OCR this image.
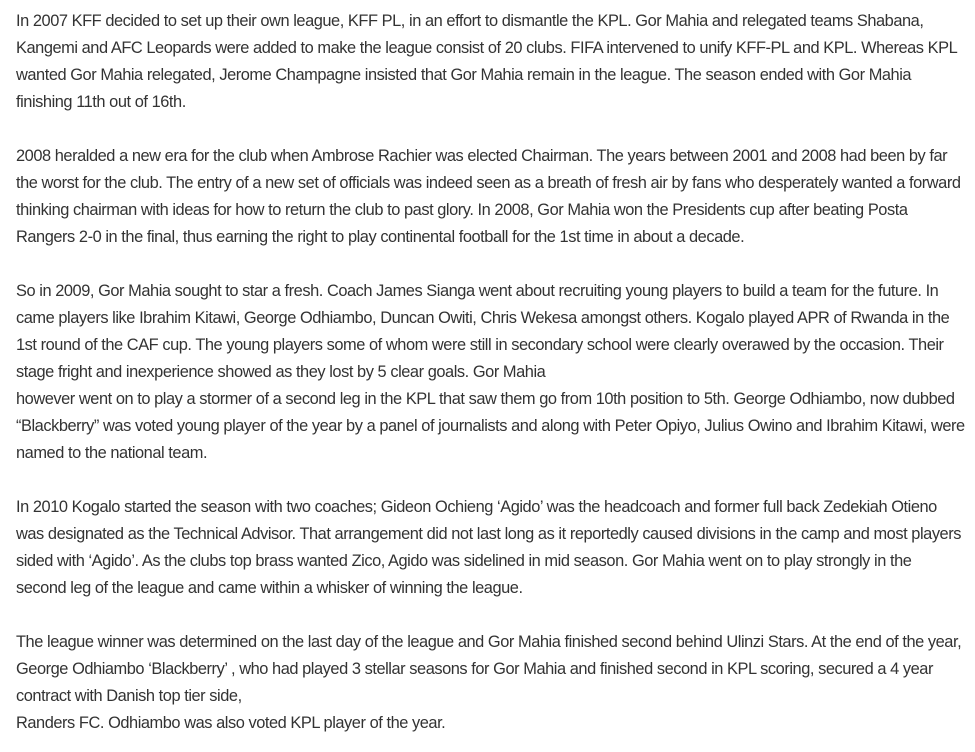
In 2007 KFF decided to set up their own league, KFF PL, in an effort to dismantle the KPL. Gor Mahia and relegated teams Shabana, Kangemi and AFC Leopards were added to make the league consist of 20 clubs. FIFA intervened to unify KFF-PL and KPL. Whereas KPL wanted Gor Mahia relegated, Jerome Champagne insisted that Gor Mahia remain in the league. The season ended with Gor Mahia finishing 11th out of 16th.

2008 heralded a new era for the club when Ambrose Rachier was elected Chairman. The years between 2001 and 2008 had been by far the worst for the club. The entry of a new set of officials was indeed seen as a breath of fresh air by fans who desperately wanted a forward thinking chairman with ideas for how to return the club to past glory. In 2008, Gor Mahia won the Presidents cup after beating Posta Rangers 2-0 in the final, thus earning the right to play continental football for the 1st time in about a decade.

So in 2009, Gor Mahia sought to star a fresh. Coach James Sianga went about recruiting young players to build a team for the future. In came players like Ibrahim Kitawi, George Odhiambo, Duncan Owiti, Chris Wekesa amongst others. Kogalo played APR of Rwanda in the 1st round of the CAF cup. The young players some of whom were still in secondary school were clearly overawed by the occasion. Their stage fright and inexperience showed as they lost by 5 clear goals. Gor Mahia
however went on to play a stormer of a second leg in the KPL that saw them go from 10th position to 5th. George Odhiambo, now dubbed “Blackberry” was voted young player of the year by a panel of journalists and along with Peter Opiyo, Julius Owino and Ibrahim Kitawi, were named to the national team.

In 2010 Kogalo started the season with two coaches; Gideon Ochieng ‘Agido’ was the headcoach and former full back Zedekiah Otieno was designated as the Technical Advisor. That arrangement did not last long as it reportedly caused divisions in the camp and most players sided with ‘Agido’. As the clubs top brass wanted Zico, Agido was sidelined in mid season. Gor Mahia went on to play strongly in the second leg of the league and came within a whisker of winning the league.

The league winner was determined on the last day of the league and Gor Mahia finished second behind Ulinzi Stars. At the end of the year, George Odhiambo ‘Blackberry’ , who had played 3 stellar seasons for Gor Mahia and finished second in KPL scoring, secured a 4 year contract with Danish top tier side,
Randers FC. Odhiambo was also voted KPL player of the year.
